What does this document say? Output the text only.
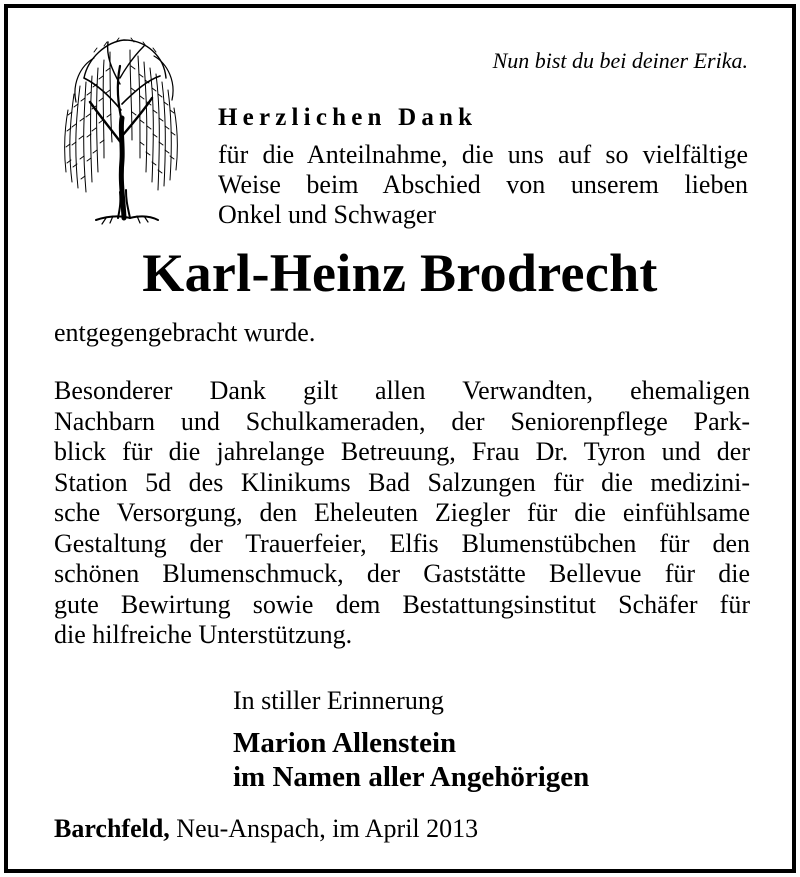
Nun bist du bei deiner Erika.
Herzlichen Dank
für die Anteilnahme, die uns auf so vielfältige
Weise beim Abschied von unserem lieben
Onkel und Schwager
Karl-Heinz Brodrecht
entgegengebracht wurde.
Besonderer Dank gilt allen Verwandten, ehemaligen
Nachbarn und Schulkameraden, der Seniorenpflege Park-
blick für die jahrelange Betreuung, Frau Dr. Tyron und der
Station 5d des Klinikums Bad Salzungen für die medizini-
sche Versorgung, den Eheleuten Ziegler für die einfühlsame
Gestaltung der Trauerfeier, Elfis Blumenstübchen für den
schönen Blumenschmuck, der Gaststätte Bellevue für die
gute Bewirtung sowie dem Bestattungsinstitut Schäfer für
die hilfreiche Unterstützung.
In stiller Erinnerung
Marion Allenstein
im Namen aller Angehörigen
Barchfeld, Neu-Anspach, im April 2013
